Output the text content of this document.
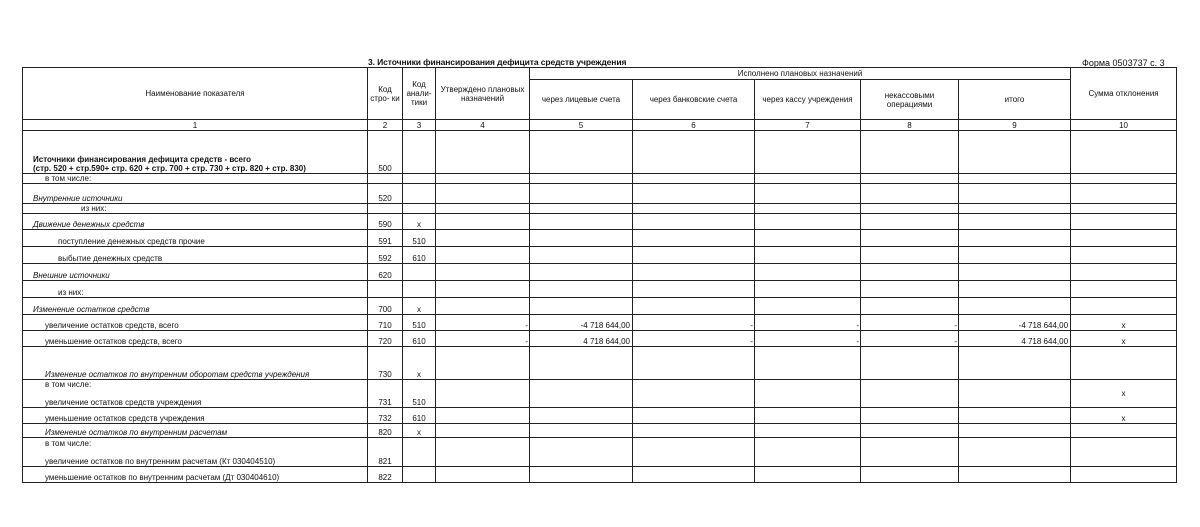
3. Источники финансирования дефицита средств учреждения	Форма 0503737 с. 3
Наименование показателя	Код стро- ки	Код анали- тики	Утверждено плановых назначений	Исполнено плановых назначений					Сумма отклонения
				через лицевые счета	через банковские счета	через кассу учреждения	некассовыми операциями	итого	
1	2	3	4	5	6	7	8	9	10
Источники финансирования дефицита средств - всего
(стр. 520 + стр.590+ стр. 620 + стр. 700 + стр. 730 + стр. 820 + стр. 830)	500								
в том числе:									
Внутренние источники	520								
из них:									
Движение денежных средств	590	x							
поступление денежных средств прочие	591	510							
выбытие денежных средств	592	610							
Внешние источники	620								
из них:									
Изменение остатков средств	700	x							
увеличение остатков средств, всего	710	510	-	-4 718 644,00	-	-	-	-4 718 644,00	x
уменьшение остатков средств, всего	720	610	-	4 718 644,00	-	-	-	4 718 644,00	x
Изменение остатков по внутренним оборотам средств учреждения	730	x							
в том числе:

увеличение остатков средств учреждения	731	510							x
уменьшение остатков средств учреждения	732	610							x
Изменение остатков по внутренним расчетам	820	x							
в том числе:

увеличение остатков по внутренним расчетам (Кт 030404510)	821								
уменьшение остатков по внутренним расчетам (Дт 030404610)	822								
